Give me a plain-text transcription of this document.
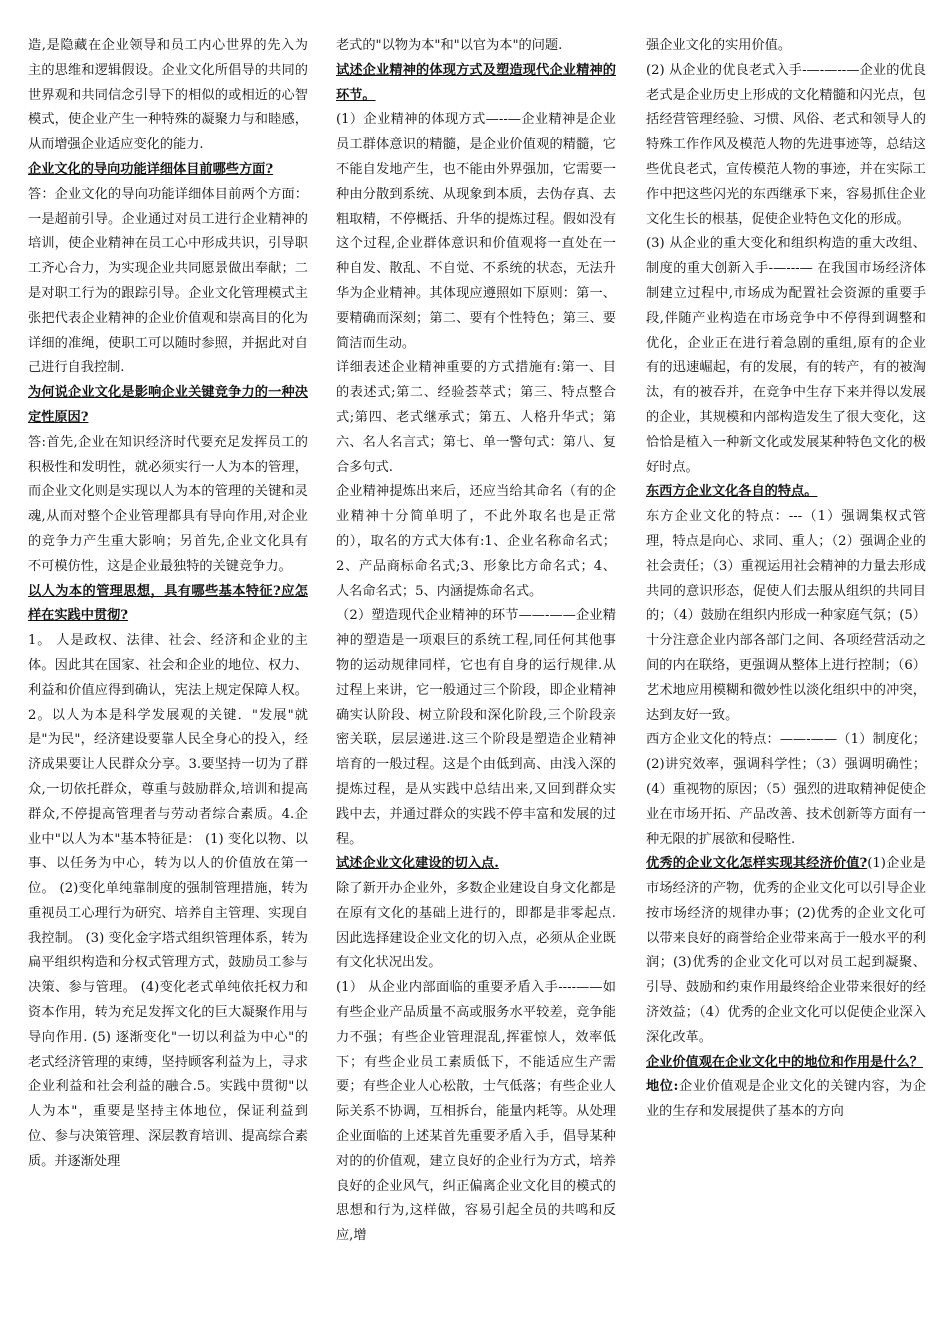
造,是隐藏在企业领导和员工内心世界的先入为主的思维和逻辑假设。企业文化所倡导的共同的世界观和共同信念引导下的相似的或相近的心智模式，使企业产生一种特殊的凝聚力与和睦感，从而增强企业适应变化的能力.

企业文化的导向功能详细体目前哪些方面?

答：企业文化的导向功能详细体目前两个方面：一是超前引导。企业通过对员工进行企业精神的培训，使企业精神在员工心中形成共识，引导职工齐心合力，为实现企业共同愿景做出奉献；二是对职工行为的跟踪引导。企业文化管理模式主张把代表企业精神的企业价值观和崇高目的化为详细的准绳，使职工可以随时参照，并据此对自己进行自我控制.

为何说企业文化是影响企业关键竞争力的一种决定性原因?

答:首先,企业在知识经济时代要充足发挥员工的积极性和发明性，就必须实行一人为本的管理，而企业文化则是实现以人为本的管理的关键和灵魂,从而对整个企业管理都具有导向作用,对企业的竞争力产生重大影响；另首先,企业文化具有不可模仿性，这是企业最独特的关键竞争力。

以人为本的管理思想，具有哪些基本特征?应怎样在实践中贯彻?

1。 人是政权、法律、社会、经济和企业的主体。因此其在国家、社会和企业的地位、权力、利益和价值应得到确认，宪法上规定保障人权。2。以人为本是科学发展观的关键．"发展"就是"为民"，经济建设要靠人民全身心的投入，经济成果要让人民群众分享。3.要坚持一切为了群众,一切依托群众，尊重与鼓励群众,培训和提高群众,不停提高管理者与劳动者综合素质。4.企业中"以人为本"基本特征是： (1) 变化以物、以事、以任务为中心，转为以人的价值放在第一位。 (2)变化单纯靠制度的强制管理措施，转为重视员工心理行为研究、培养自主管理、实现自我控制。 (3) 变化金字塔式组织管理体系，转为扁平组织构造和分权式管理方式，鼓励员工参与决策、参与管理。 (4)变化老式单纯依托权力和资本作用，转为充足发挥文化的巨大凝聚作用与导向作用. (5) 逐渐变化"一切以利益为中心"的老式经济管理的束缚，坚持顾客利益为上，寻求企业利益和社会利益的融合.5。实践中贯彻"以人为本"，重要是坚持主体地位，保证利益到位、参与决策管理、深层教育培训、提高综合素质。并逐渐处理

老式的"以物为本"和"以官为本"的问题.

试述企业精神的体现方式及塑造现代企业精神的环节。

(1）企业精神的体现方式—--—企业精神是企业员工群体意识的精髓，是企业价值观的精髓，它不能自发地产生，也不能由外界强加，它需要一种由分散到系统、从现象到本质，去伪存真、去粗取精，不停概括、升华的提炼过程。假如没有这个过程,企业群体意识和价值观将一直处在一种自发、散乱、不自觉、不系统的状态，无法升华为企业精神。其体现应遵照如下原则：第一、要精确而深刻；第二、要有个性特色；第三、要简洁而生动。

详细表述企业精神重要的方式措施有:第一、目的表述式;第二、经验荟萃式；第三、特点整合式;第四、老式继承式；第五、人格升华式；第六、名人名言式；第七、单一警句式：第八、复合多句式.

企业精神提炼出来后，还应当给其命名（有的企业精神十分简单明了，不此外取名也是正常的），取名的方式大体有:1、企业名称命名式；2、产品商标命名式;3、形象比方命名式；4、人名命名式；5、内涵提炼命名式。

（2）塑造现代企业精神的环节——-——企业精神的塑造是一项艰巨的系统工程,同任何其他事物的运动规律同样，它也有自身的运行规律.从过程上来讲，它一般通过三个阶段，即企业精神确实认阶段、树立阶段和深化阶段,三个阶段亲密关联，层层递进.这三个阶段是塑造企业精神培育的一般过程。这是个由低到高、由浅入深的提炼过程，是从实践中总结出来,又回到群众实践中去，并通过群众的实践不停丰富和发展的过程。

试述企业文化建设的切入点.

除了新开办企业外，多数企业建设自身文化都是在原有文化的基础上进行的，即都是非零起点.因此选择建设企业文化的切入点，必须从企业既有文化状况出发。

(1） 从企业内部面临的重要矛盾入手----——如有些企业产品质量不高或服务水平较差，竞争能力不强；有些企业管理混乱,挥霍惊人，效率低下；有些企业员工素质低下，不能适应生产需要；有些企业人心松散，士气低落；有些企业人际关系不协调，互相拆台，能量内耗等。从处理企业面临的上述某首先重要矛盾入手，倡导某种对的的价值观，建立良好的企业行为方式，培养良好的企业风气，纠正偏离企业文化目的模式的思想和行为,这样做，容易引起全员的共鸣和反应,增

强企业文化的实用价值。

(2) 从企业的优良老式入手-—-—--—企业的优良老式是企业历史上形成的文化精髓和闪光点，包括经营管理经验、习惯、风俗、老式和领导人的特殊工作作风及模范人物的先进事迹等，总结这些优良老式，宣传模范人物的事迹，并在实际工作中把这些闪光的东西继承下来，容易抓住企业文化生长的根基，促使企业特色文化的形成。

(3) 从企业的重大变化和组织构造的重大改组、制度的重大创新入手-—---— 在我国市场经济体制建立过程中,市场成为配置社会资源的重要手段,伴随产业构造在市场竞争中不停得到调整和优化，企业正在进行着急剧的重组,原有的企业有的迅速崛起，有的发展，有的转产，有的被淘汰，有的被吞并，在竞争中生存下来并得以发展的企业，其规模和内部构造发生了很大变化，这恰恰是植入一种新文化或发展某种特色文化的极好时点。

东西方企业文化各自的特点。

东方企业文化的特点：---（1）强调集权式管理，特点是向心、求同、重人；（2）强调企业的社会责任；（3）重视运用社会精神的力量去形成共同的意识形态，促使人们去服从组织的共同目的；（4）鼓励在组织内形成一种家庭气氛；(5）十分注意企业内部各部门之间、各项经营活动之间的内在联络，更强调从整体上进行控制；（6）艺术地应用模糊和微妙性以淡化组织中的冲突，达到友好一致。

西方企业文化的特点：——-——（1）制度化；(2)讲究效率，强调科学性；（3）强调明确性；(4）重视物的原因；（5）强烈的进取精神促使企业在市场开拓、产品改善、技术创新等方面有一种无限的扩展欲和侵略性.

优秀的企业文化怎样实现其经济价值?(1)企业是市场经济的产物，优秀的企业文化可以引导企业按市场经济的规律办事；(2)优秀的企业文化可以带来良好的商誉给企业带来高于一般水平的利润；(3)优秀的企业文化可以对员工起到凝聚、引导、鼓励和约束作用最终给企业带来很好的经济效益；（4）优秀的企业文化可以促使企业深入深化改革。

企业价值观在企业文化中的地位和作用是什么？

地位:企业价值观是企业文化的关键内容，为企业的生存和发展提供了基本的方向
